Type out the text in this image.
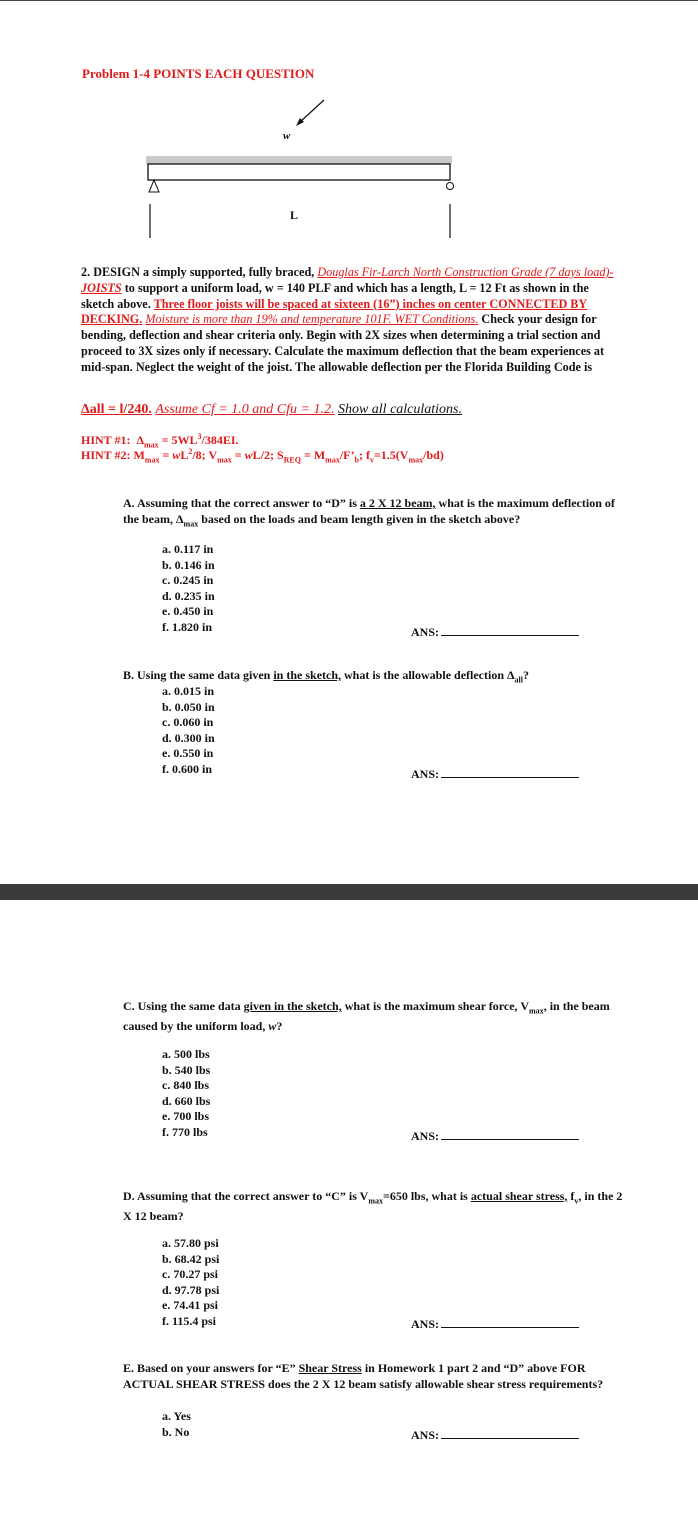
Problem 1-4 POINTS EACH QUESTION
w
L
2. DESIGN a simply supported, fully braced, Douglas Fir-Larch North Construction Grade (7 days load)- JOISTS to support a uniform load, w = 140 PLF and which has a length, L = 12 Ft as shown in the sketch above. Three floor joists will be spaced at sixteen (16”) inches on center CONNECTED BY DECKING. Moisture is more than 19% and temperature 101F. WET Conditions. Check your design for bending, deflection and shear criteria only. Begin with 2X sizes when determining a trial section and proceed to 3X sizes only if necessary. Calculate the maximum deflection that the beam experiences at mid-span. Neglect the weight of the joist. The allowable deflection per the Florida Building Code is
Δall = l/240. Assume Cf = 1.0 and Cfu = 1.2. Show all calculations.
HINT #1:  $\Delta_{max} = 5WL^3/384EI$.
HINT #2: $M_{max} = wL^2/8$; $V_{max} = wL/2$; $S_{REQ}$ = $M_{max}/F’_b$; $f_v=1.5(V_{max}/bd)$
A. Assuming that the correct answer to “D” is a 2 X 12 beam, what is the maximum deflection of the beam, $\Delta_{max}$ based on the loads and beam length given in the sketch above?
a. 0.117 in
b. 0.146 in
c. 0.245 in
d. 0.235 in
e. 0.450 in
f. 1.820 in	ANS:
B. Using the same data given in the sketch, what is the allowable deflection $\Delta_{all}$?
a. 0.015 in
b. 0.050 in
c. 0.060 in
d. 0.300 in
e. 0.550 in
f. 0.600 in	ANS:
C. Using the same data given in the sketch, what is the maximum shear force, $V_{max}$, in the beam caused by the uniform load, w?
a. 500 lbs
b. 540 lbs
c. 840 lbs
d. 660 lbs
e. 700 lbs
f. 770 lbs	ANS:
D. Assuming that the correct answer to “C” is $V_{max}=650$ lbs, what is actual shear stress, $f_v$, in the 2 X 12 beam?
a. 57.80 psi
b. 68.42 psi
c. 70.27 psi
d. 97.78 psi
e. 74.41 psi
f. 115.4 psi	ANS:
E. Based on your answers for “E” Shear Stress in Homework 1 part 2 and “D” above FOR ACTUAL SHEAR STRESS does the 2 X 12 beam satisfy allowable shear stress requirements?
a. Yes
b. No	ANS:
